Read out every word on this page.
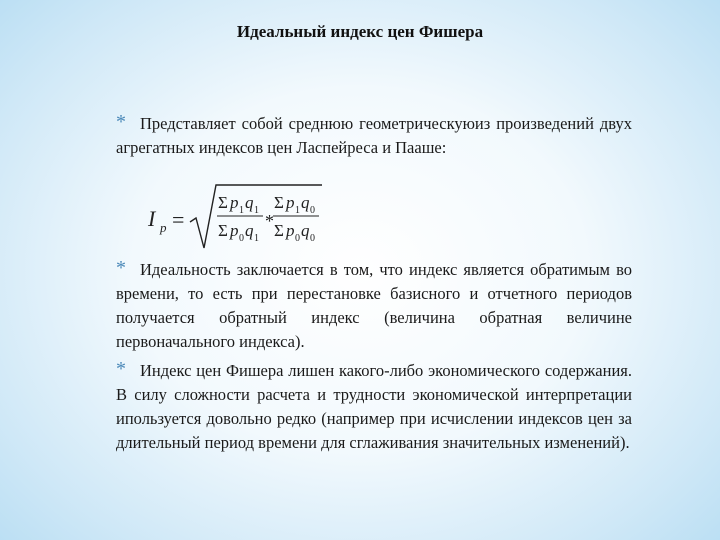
Идеальный индекс цен Фишера
* Представляет собой среднюю геометрическуюиз произведений двух агрегатных индексов цен Ласпейреса и Пааше:
I p =
Σ p 1 q 1
Σ p 0 q 1
*
Σ p 1 q 0
Σ p 0 q 0
* Идеальность заключается в том, что индекс является обратимым во времени, то есть при перестановке базисного и отчетного периодов получается обратный индекс (величина обратная величине первоначального индекса).
* Индекс цен Фишера лишен какого-либо экономического содержания. В силу сложности расчета и трудности экономической интерпретации ипользуется довольно редко (например при исчислении индексов цен за длительный период времени для сглаживания значительных изменений).
